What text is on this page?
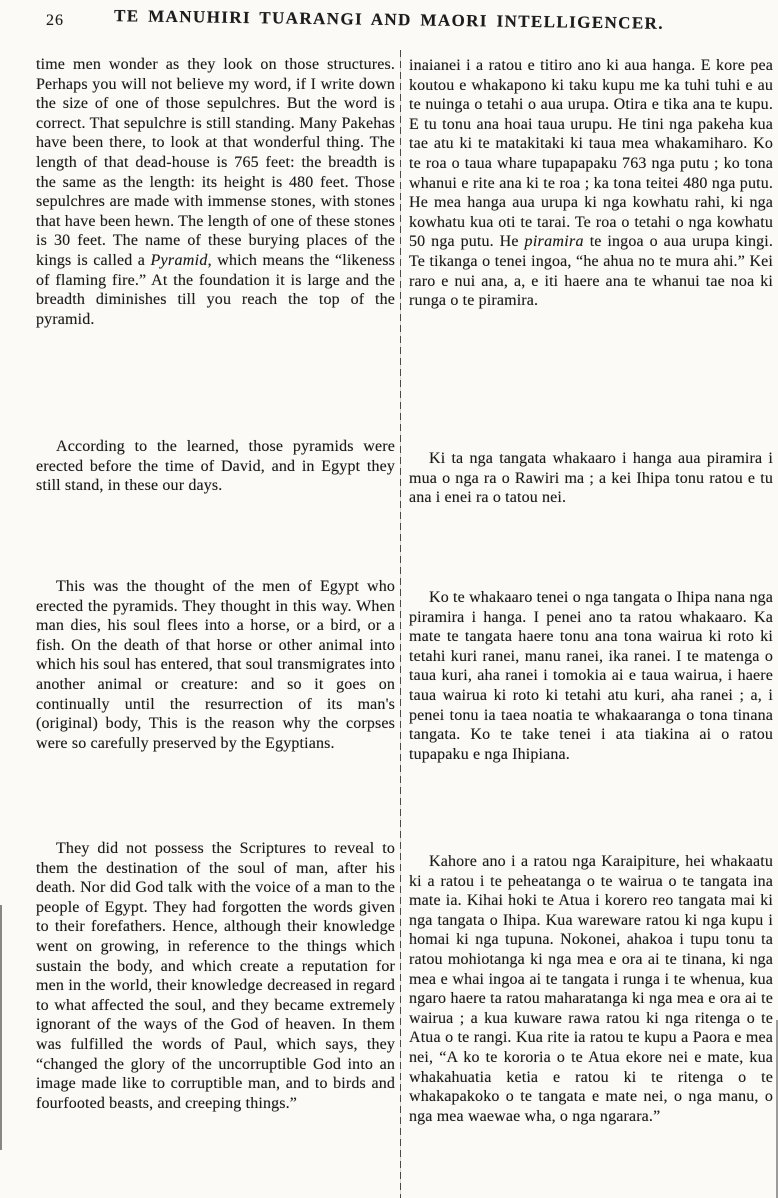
26	TE MANUHIRI TUARANGI AND MAORI INTELLIGENCER.

time men wonder as they look on those structures. Perhaps you will not believe my word, if I write down the size of one of those sepulchres. But the word is correct. That sepulchre is still standing. Many Pakehas have been there, to look at that wonderful thing. The length of that dead-house is 765 feet: the breadth is the same as the length: its height is 480 feet. Those sepulchres are made with immense stones, with stones that have been hewn. The length of one of these stones is 30 feet. The name of these burying places of the kings is called a Pyramid, which means the “likeness of flaming fire.” At the foundation it is large and the breadth diminishes till you reach the top of the pyramid.

inaianei i a ratou e titiro ano ki aua hanga. E kore pea koutou e whakapono ki taku kupu me ka tuhi tuhi e au te nuinga o tetahi o aua urupa. Otira e tika ana te kupu. E tu tonu ana hoai taua urupu. He tini nga pakeha kua tae atu ki te matakitaki ki taua mea whakamiharo. Ko te roa o taua whare tupapapaku 763 nga putu ; ko tona whanui e rite ana ki te roa ; ka tona teitei 480 nga putu. He mea hanga aua urupa ki nga kowhatu rahi, ki nga kowhatu kua oti te tarai. Te roa o tetahi o nga kowhatu 50 nga putu. He piramira te ingoa o aua urupa kingi. Te tikanga o tenei ingoa, “he ahua no te mura ahi.” Kei raro e nui ana, a, e iti haere ana te whanui tae noa ki runga o te piramira.

According to the learned, those pyramids were erected before the time of David, and in Egypt they still stand, in these our days.

Ki ta nga tangata whakaaro i hanga aua piramira i mua o nga ra o Rawiri ma ; a kei Ihipa tonu ratou e tu ana i enei ra o tatou nei.

This was the thought of the men of Egypt who erected the pyramids. They thought in this way. When man dies, his soul flees into a horse, or a bird, or a fish. On the death of that horse or other animal into which his soul has entered, that soul transmigrates into another animal or creature: and so it goes on continually until the resurrection of its man's (original) body, This is the reason why the corpses were so carefully preserved by the Egyptians.

Ko te whakaaro tenei o nga tangata o Ihipa nana nga piramira i hanga. I penei ano ta ratou whakaaro. Ka mate te tangata haere tonu ana tona wairua ki roto ki tetahi kuri ranei, manu ranei, ika ranei. I te matenga o taua kuri, aha ranei i tomokia ai e taua wairua, i haere taua wairua ki roto ki tetahi atu kuri, aha ranei ; a, i penei tonu ia taea noatia te whakaaranga o tona tinana tangata. Ko te take tenei i ata tiakina ai o ratou tupapaku e nga Ihipiana.

They did not possess the Scriptures to reveal to them the destination of the soul of man, after his death. Nor did God talk with the voice of a man to the people of Egypt. They had forgotten the words given to their forefathers. Hence, although their knowledge went on growing, in reference to the things which sustain the body, and which create a reputation for men in the world, their knowledge decreased in regard to what affected the soul, and they became extremely ignorant of the ways of the God of heaven. In them was fulfilled the words of Paul, which says, they “changed the glory of the uncorruptible God into an image made like to corruptible man, and to birds and fourfooted beasts, and creeping things.”

Kahore ano i a ratou nga Karaipiture, hei whakaatu ki a ratou i te peheatanga o te wairua o te tangata ina mate ia. Kihai hoki te Atua i korero reo tangata mai ki nga tangata o Ihipa. Kua wareware ratou ki nga kupu i homai ki nga tupuna. Nokonei, ahakoa i tupu tonu ta ratou mohiotanga ki nga mea e ora ai te tinana, ki nga mea e whai ingoa ai te tangata i runga i te whenua, kua ngaro haere ta ratou maharatanga ki nga mea e ora ai te wairua ; a kua kuware rawa ratou ki nga ritenga o te Atua o te rangi. Kua rite ia ratou te kupu a Paora e mea nei, “A ko te kororia o te Atua ekore nei e mate, kua whakahuatia ketia e ratou ki te ritenga o te whakapakoko o te tangata e mate nei, o nga manu, o nga mea waewae wha, o nga ngarara.”
